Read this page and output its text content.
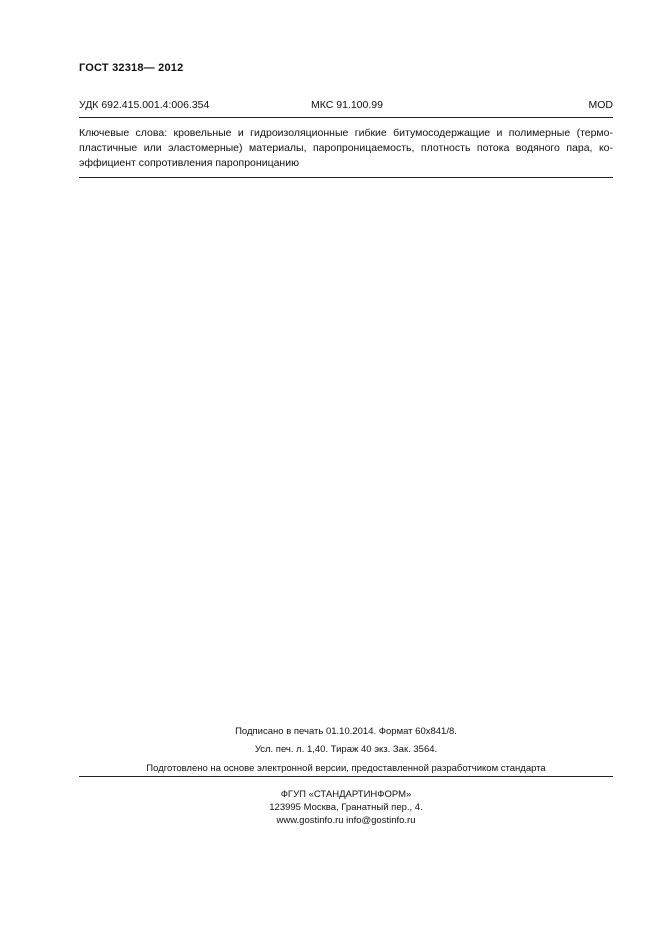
ГОСТ 32318— 2012
УДК 692.415.001.4:006.354	МКС 91.100.99	MOD
Ключевые слова: кровельные и гидроизоляционные гибкие битумосодержащие и полимерные (термо-пластичные или эластомерные) материалы, паропроницаемость, плотность потока водяного пара, ко-эффициент сопротивления паропроницанию
Подписано в печать 01.10.2014. Формат 60x841/8.
Усл. печ. л. 1,40. Тираж 40 экз. Зак. 3564.
Подготовлено на основе электронной версии, предоставленной разработчиком стандарта
ФГУП «СТАНДАРТИНФОРМ»
123995 Москва, Гранатный пер., 4.
www.gostinfo.ru info@gostinfo.ru
